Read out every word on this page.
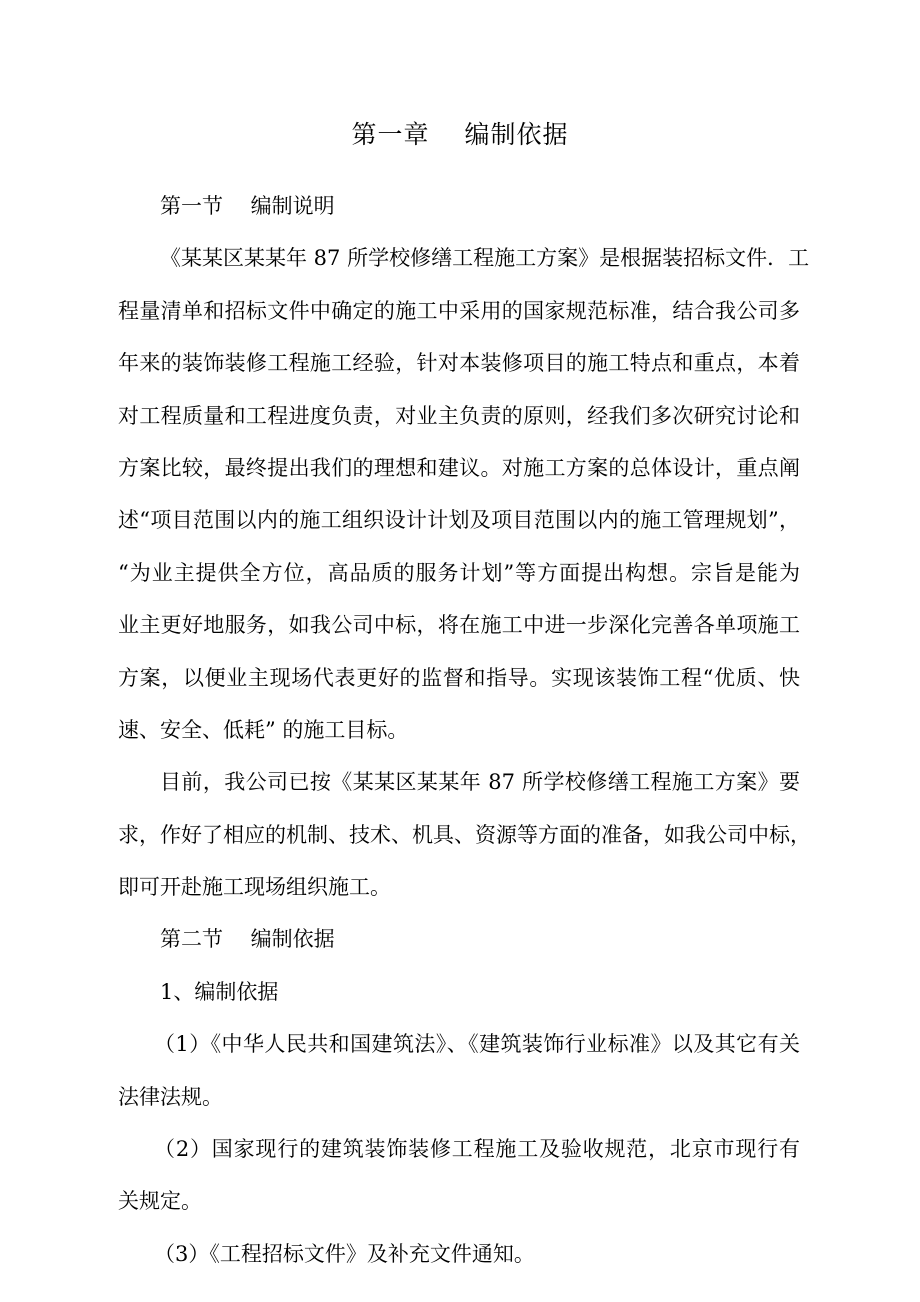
第一章　 编制依据
第一节　 编制说明
《某某区某某年 87 所学校修缮工程施工方案》是根据装招标文件．工
程量清单和招标文件中确定的施工中采用的国家规范标准，结合我公司多
年来的装饰装修工程施工经验，针对本装修项目的施工特点和重点，本着
对工程质量和工程进度负责，对业主负责的原则，经我们多次研究讨论和
方案比较，最终提出我们的理想和建议。对施工方案的总体设计，重点阐
述“项目范围以内的施工组织设计计划及项目范围以内的施工管理规划”，
“为业主提供全方位，高品质的服务计划”等方面提出构想。宗旨是能为
业主更好地服务，如我公司中标，将在施工中进一步深化完善各单项施工
方案，以便业主现场代表更好的监督和指导。实现该装饰工程“优质、快
速、安全、低耗” 的施工目标。
目前，我公司已按《某某区某某年 87 所学校修缮工程施工方案》要
求，作好了相应的机制、技术、机具、资源等方面的准备，如我公司中标，
即可开赴施工现场组织施工。
第二节　 编制依据
1、编制依据
（1）《中华人民共和国建筑法》、《建筑装饰行业标准》以及其它有关
法律法规。
（2）国家现行的建筑装饰装修工程施工及验收规范，北京市现行有
关规定。
（3）《工程招标文件》及补充文件通知。
